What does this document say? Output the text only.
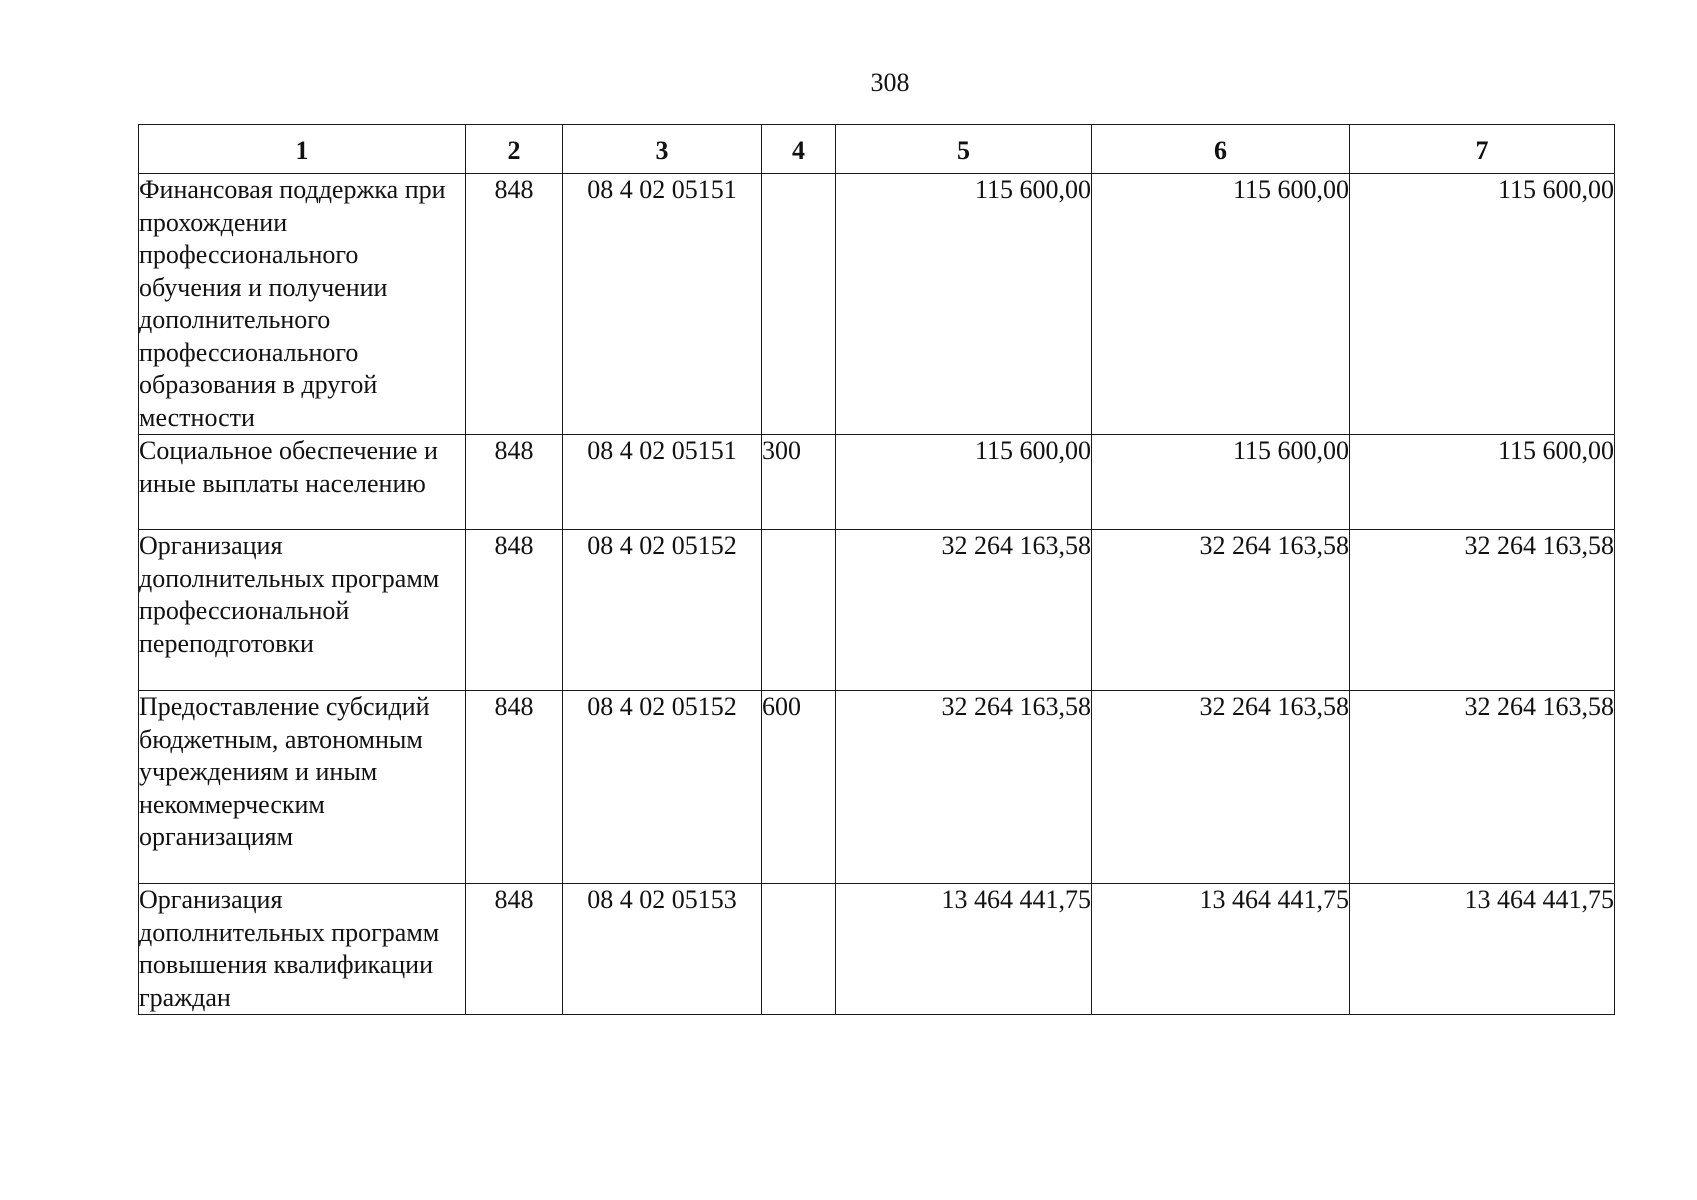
308
1	2	3	4	5	6	7
Финансовая поддержка при прохождении профессионального обучения и получении дополнительного профессионального образования в другой местности	848	08 4 02 05151		115 600,00	115 600,00	115 600,00
Социальное обеспечение и иные выплаты населению	848	08 4 02 05151	300	115 600,00	115 600,00	115 600,00
Организация дополнительных программ профессиональной переподготовки	848	08 4 02 05152		32 264 163,58	32 264 163,58	32 264 163,58
Предоставление субсидий бюджетным, автономным учреждениям и иным некоммерческим организациям	848	08 4 02 05152	600	32 264 163,58	32 264 163,58	32 264 163,58
Организация дополнительных программ повышения квалификации граждан	848	08 4 02 05153		13 464 441,75	13 464 441,75	13 464 441,75
